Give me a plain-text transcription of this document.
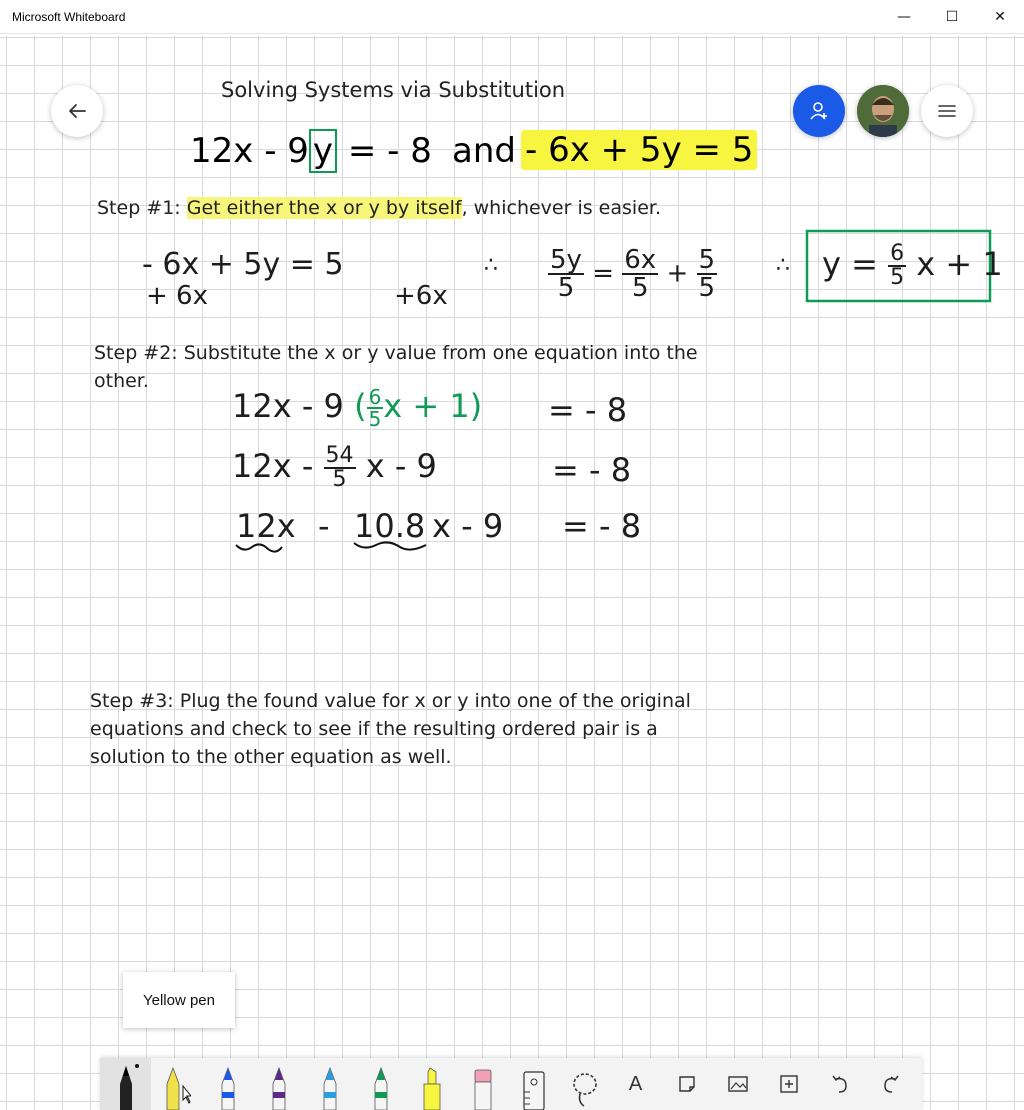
Microsoft Whiteboard	—	☐	✕
Solving Systems via Substitution
12x - 9 y = - 8 and - 6x + 5y = 5
Step #1: Get either the x or y by itself, whichever is easier.
- 6x + 5y = 5
+ 6x	+6x
∴ $\frac{5y}{5} = \frac{6x}{5} + \frac{5}{5}$	∴ $y = \frac{6}{5}$ x + 1
Step #2: Substitute the x or y value from one equation into the other.
12x - 9 ( $\frac{6}{5}$ x + 1) = - 8
$12x - \frac{54}{5}$ x - 9	= - 8
12x - 10.8 x - 9 = - 8
Step #3: Plug the found value for x or y into one of the original equations and check to see if the resulting ordered pair is a solution to the other equation as well.
Yellow pen
A
